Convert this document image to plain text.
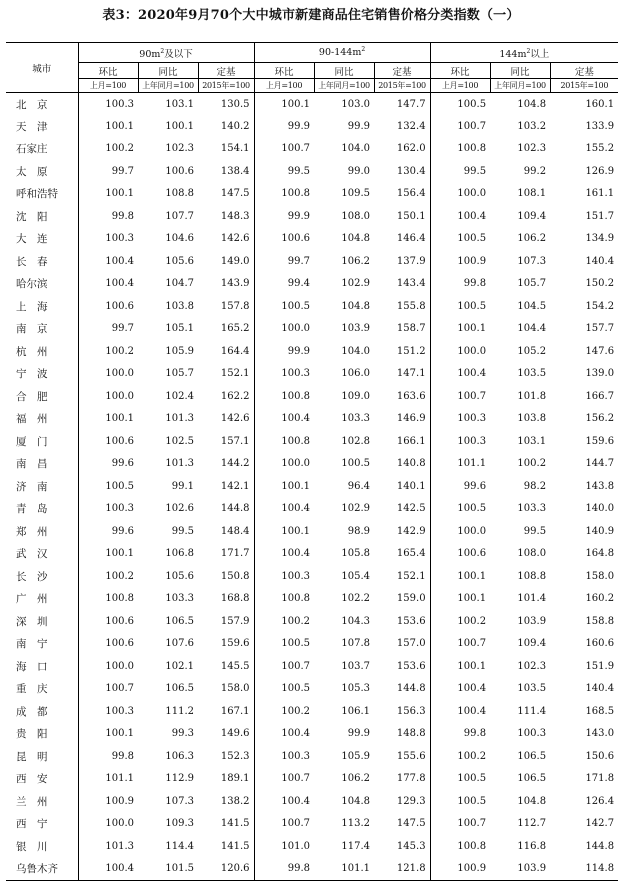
表3：2020年9月70个大中城市新建商品住宅销售价格分类指数（一）
城市	$90m^2$及以下			$90-144m^2$			$144m^2$以上		
	环比	同比	定基	环比	同比	定基	环比	同比	定基
	上月=100	上年同月=100	2015年=100	上月=100	上年同月=100	2015年=100	上月=100	上年同月=100	2015年=100
北　京	100.3	103.1	130.5	100.1	103.0	147.7	100.5	104.8	160.1
天　津	100.1	100.1	140.2	99.9	99.9	132.4	100.7	103.2	133.9
石家庄	100.2	102.3	154.1	100.7	104.0	162.0	100.8	102.3	155.2
太　原	99.7	100.6	138.4	99.5	99.0	130.4	99.5	99.2	126.9
呼和浩特	100.1	108.8	147.5	100.8	109.5	156.4	100.0	108.1	161.1
沈　阳	99.8	107.7	148.3	99.9	108.0	150.1	100.4	109.4	151.7
大　连	100.3	104.6	142.6	100.6	104.8	146.4	100.5	106.2	134.9
长　春	100.4	105.6	149.0	99.7	106.2	137.9	100.9	107.3	140.4
哈尔滨	100.4	104.7	143.9	99.4	102.9	143.4	99.8	105.7	150.2
上　海	100.6	103.8	157.8	100.5	104.8	155.8	100.5	104.5	154.2
南　京	99.7	105.1	165.2	100.0	103.9	158.7	100.1	104.4	157.7
杭　州	100.2	105.9	164.4	99.9	104.0	151.2	100.0	105.2	147.6
宁　波	100.0	105.7	152.1	100.3	106.0	147.1	100.4	103.5	139.0
合　肥	100.0	102.4	162.2	100.8	109.0	163.6	100.7	101.8	166.7
福　州	100.1	101.3	142.6	100.4	103.3	146.9	100.3	103.8	156.2
厦　门	100.6	102.5	157.1	100.8	102.8	166.1	100.3	103.1	159.6
南　昌	99.6	101.3	144.2	100.0	100.5	140.8	101.1	100.2	144.7
济　南	100.5	99.1	142.1	100.1	96.4	140.1	99.6	98.2	143.8
青　岛	100.3	102.6	144.8	100.4	102.9	142.5	100.5	103.3	140.0
郑　州	99.6	99.5	148.4	100.1	98.9	142.9	100.0	99.5	140.9
武　汉	100.1	106.8	171.7	100.4	105.8	165.4	100.6	108.0	164.8
长　沙	100.2	105.6	150.8	100.3	105.4	152.1	100.1	108.8	158.0
广　州	100.8	103.3	168.8	100.8	102.2	159.0	100.1	101.4	160.2
深　圳	100.6	106.5	157.9	100.2	104.3	153.6	100.2	103.9	158.8
南　宁	100.6	107.6	159.6	100.5	107.8	157.0	100.7	109.4	160.6
海　口	100.0	102.1	145.5	100.7	103.7	153.6	100.1	102.3	151.9
重　庆	100.7	106.5	158.0	100.5	105.3	144.8	100.4	103.5	140.4
成　都	100.3	111.2	167.1	100.2	106.1	156.3	100.4	111.4	168.5
贵　阳	100.1	99.3	149.6	100.4	99.9	148.8	99.8	100.3	143.0
昆　明	99.8	106.3	152.3	100.3	105.9	155.6	100.2	106.5	150.6
西　安	101.1	112.9	189.1	100.7	106.2	177.8	100.5	106.5	171.8
兰　州	100.9	107.3	138.2	100.4	104.8	129.3	100.5	104.8	126.4
西　宁	100.0	109.3	141.5	100.7	113.2	147.5	100.7	112.7	142.7
银　川	101.3	114.4	141.5	101.0	117.4	145.3	100.8	116.8	144.8
乌鲁木齐	100.4	101.5	120.6	99.8	101.1	121.8	100.9	103.9	114.8
